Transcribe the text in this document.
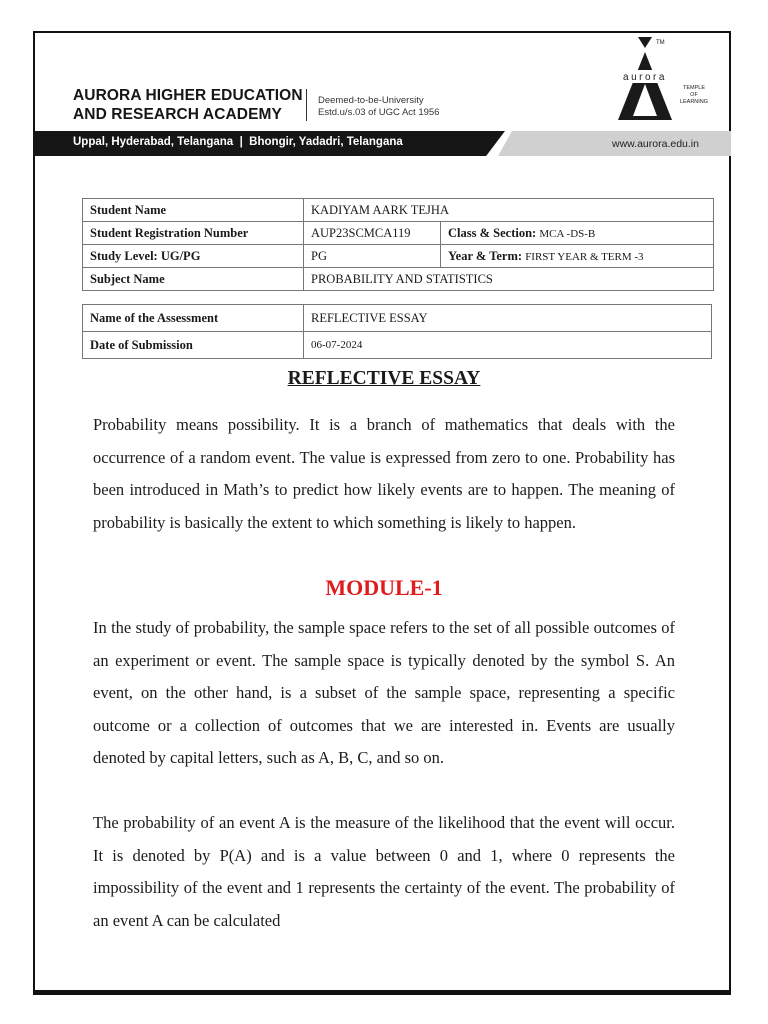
AURORA HIGHER EDUCATION
AND RESEARCH ACADEMY
Deemed-to-be-University
Estd.u/s.03 of UGC Act 1956
TM
aurora
TEMPLE
OF
LEARNING
Uppal, Hyderabad, Telangana  |  Bhongir, Yadadri, Telangana	www.aurora.edu.in
Student Name	KADIYAM AARK TEJHA	
Student Registration Number	AUP23SCMCA119	Class & Section: MCA -DS-B
Study Level: UG/PG	PG	Year & Term: FIRST YEAR & TERM -3
Subject Name	PROBABILITY AND STATISTICS	
Name of the Assessment	REFLECTIVE ESSAY
Date of Submission	06-07-2024
REFLECTIVE ESSAY

Probability means possibility. It is a branch of mathematics that deals with the occurrence of a random event. The value is expressed from zero to one. Probability has been introduced in Math’s to predict how likely events are to happen. The meaning of probability is basically the extent to which something is likely to happen.

MODULE-1

In the study of probability, the sample space refers to the set of all possible outcomes of an experiment or event. The sample space is typically denoted by the symbol S. An event, on the other hand, is a subset of the sample space, representing a specific outcome or a collection of outcomes that we are interested in. Events are usually denoted by capital letters, such as A, B, C, and so on.

The probability of an event A is the measure of the likelihood that the event will occur. It is denoted by P(A) and is a value between 0 and 1, where 0 represents the impossibility of the event and 1 represents the certainty of the event. The probability of an event A can be calculated
